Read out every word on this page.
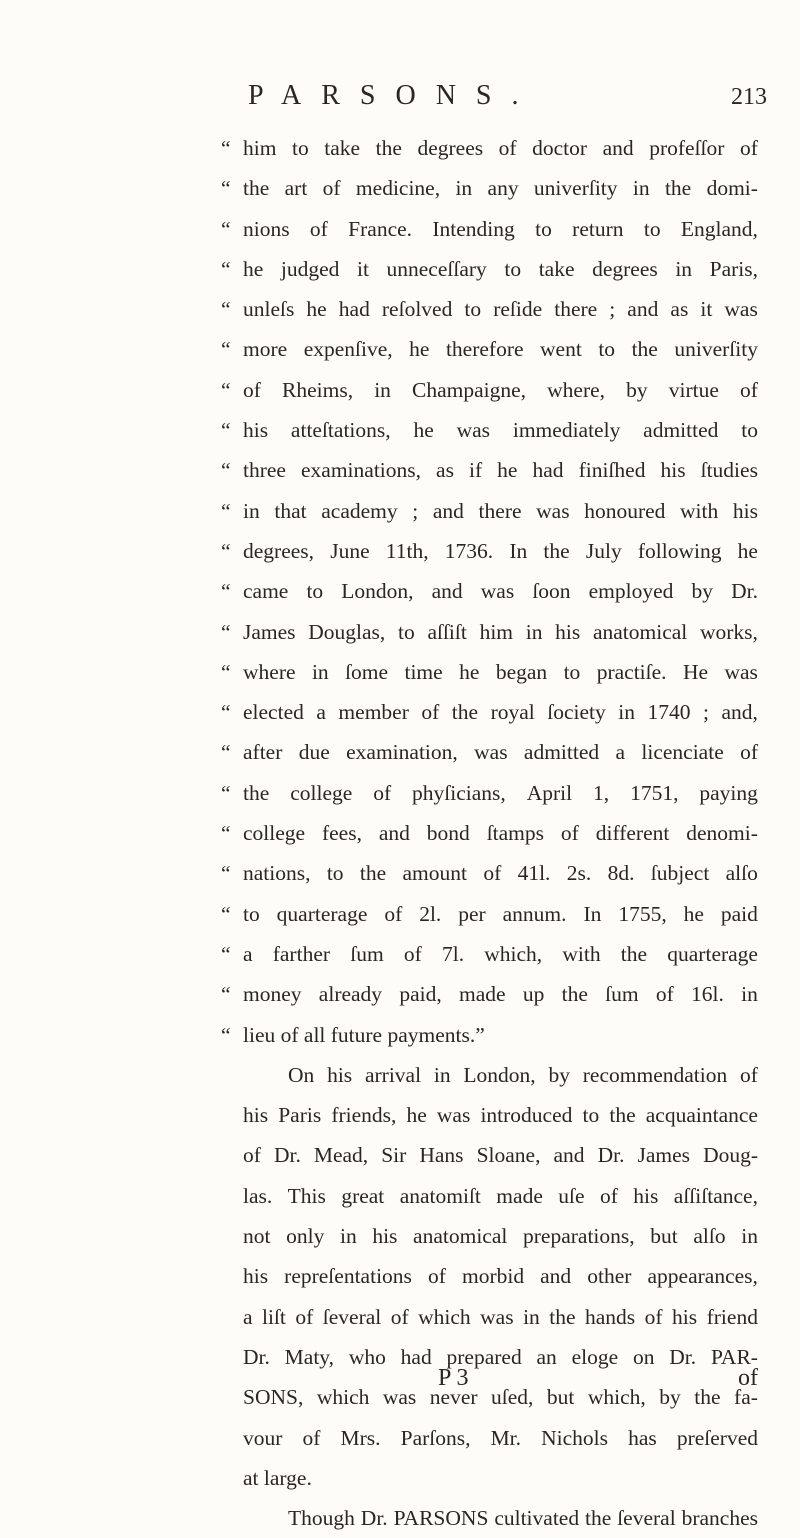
PARSONS.	213
“ him to take the degrees of doctor and profeſſor of
“ the art of medicine, in any univerſity in the domi-
“ nions of France. Intending to return to England,
“ he judged it unneceſſary to take degrees in Paris,
“ unleſs he had reſolved to reſide there ; and as it was
“ more expenſive, he therefore went to the univerſity
“ of Rheims, in Champaigne, where, by virtue of
“ his atteſtations, he was immediately admitted to
“ three examinations, as if he had finiſhed his ſtudies
“ in that academy ; and there was honoured with his
“ degrees, June 11th, 1736. In the July following he
“ came to London, and was ſoon employed by Dr.
“ James Douglas, to aſſiſt him in his anatomical works,
“ where in ſome time he began to practiſe. He was
“ elected a member of the royal ſociety in 1740 ; and,
“ after due examination, was admitted a licenciate of
“ the college of phyſicians, April 1, 1751, paying
“ college fees, and bond ſtamps of different denomi-
“ nations, to the amount of 41l. 2s. 8d. ſubject alſo
“ to quarterage of 2l. per annum. In 1755, he paid
“ a farther ſum of 7l. which, with the quarterage
“ money already paid, made up the ſum of 16l. in
“ lieu of all future payments.”
On his arrival in London, by recommendation of
his Paris friends, he was introduced to the acquaintance
of Dr. Mead, Sir Hans Sloane, and Dr. James Doug-
las. This great anatomiſt made uſe of his aſſiſtance,
not only in his anatomical preparations, but alſo in
his repreſentations of morbid and other appearances,
a liſt of ſeveral of which was in the hands of his friend
Dr. Maty, who had prepared an eloge on Dr. PAR-
SONS, which was never uſed, but which, by the fa-
vour of Mrs. Parſons, Mr. Nichols has preſerved
at large.
Though Dr. PARSONS cultivated the ſeveral branches
P 3	of
